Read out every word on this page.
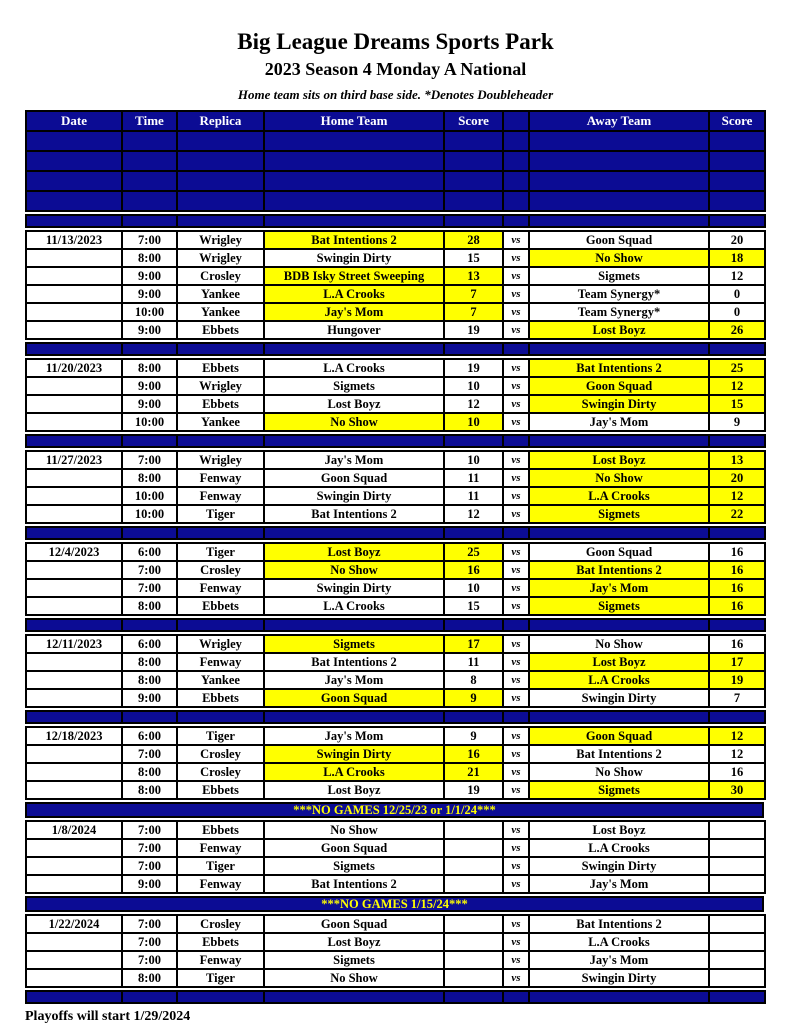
Big League Dreams Sports Park
2023 Season 4 Monday A National
Home team sits on third base side. *Denotes Doubleheader
Date	Time	Replica	Home Team	Score	Away Team	Score
11/13/2023	7:00	Wrigley	Bat Intentions 2	28	vs	Goon Squad	20
8:00	Wrigley	Swingin Dirty	15	vs	No Show	18
9:00	Crosley	BDB Isky Street Sweeping	13	vs	Sigmets	12
9:00	Yankee	L.A Crooks	7	vs	Team Synergy*	0
10:00	Yankee	Jay's Mom	7	vs	Team Synergy*	0
9:00	Ebbets	Hungover	19	vs	Lost Boyz	26
11/20/2023	8:00	Ebbets	L.A Crooks	19	vs	Bat Intentions 2	25
9:00	Wrigley	Sigmets	10	vs	Goon Squad	12
9:00	Ebbets	Lost Boyz	12	vs	Swingin Dirty	15
10:00	Yankee	No Show	10	vs	Jay's Mom	9
11/27/2023	7:00	Wrigley	Jay's Mom	10	vs	Lost Boyz	13
8:00	Fenway	Goon Squad	11	vs	No Show	20
10:00	Fenway	Swingin Dirty	11	vs	L.A Crooks	12
10:00	Tiger	Bat Intentions 2	12	vs	Sigmets	22
12/4/2023	6:00	Tiger	Lost Boyz	25	vs	Goon Squad	16
7:00	Crosley	No Show	16	vs	Bat Intentions 2	16
7:00	Fenway	Swingin Dirty	10	vs	Jay's Mom	16
8:00	Ebbets	L.A Crooks	15	vs	Sigmets	16
12/11/2023	6:00	Wrigley	Sigmets	17	vs	No Show	16
8:00	Fenway	Bat Intentions 2	11	vs	Lost Boyz	17
8:00	Yankee	Jay's Mom	8	vs	L.A Crooks	19
9:00	Ebbets	Goon Squad	9	vs	Swingin Dirty	7
12/18/2023	6:00	Tiger	Jay's Mom	9	vs	Goon Squad	12
7:00	Crosley	Swingin Dirty	16	vs	Bat Intentions 2	12
8:00	Crosley	L.A Crooks	21	vs	No Show	16
8:00	Ebbets	Lost Boyz	19	vs	Sigmets	30
***NO GAMES 12/25/23 or 1/1/24***
1/8/2024	7:00	Ebbets	No Show	vs	Lost Boyz
7:00	Fenway	Goon Squad	vs	L.A Crooks
7:00	Tiger	Sigmets	vs	Swingin Dirty
9:00	Fenway	Bat Intentions 2	vs	Jay's Mom
***NO GAMES 1/15/24***
1/22/2024	7:00	Crosley	Goon Squad	vs	Bat Intentions 2
7:00	Ebbets	Lost Boyz	vs	L.A Crooks
7:00	Fenway	Sigmets	vs	Jay's Mom
8:00	Tiger	No Show	vs	Swingin Dirty
Playoffs will start 1/29/2024
